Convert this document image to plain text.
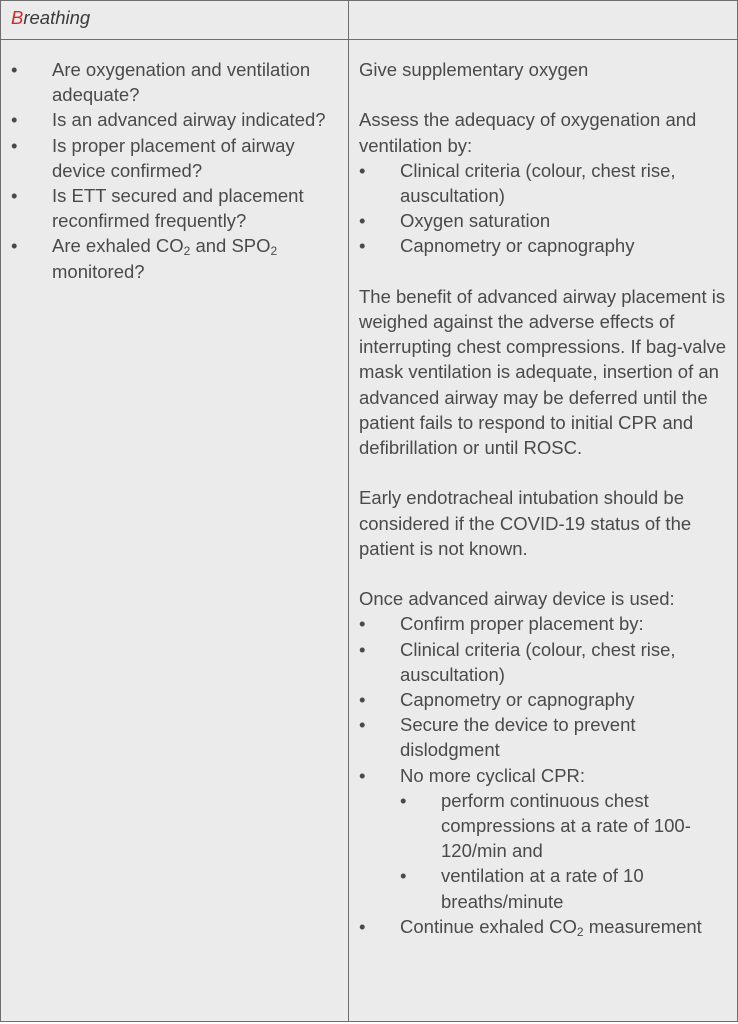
Breathing
• Are oxygenation and ventilation adequate?
• Is an advanced airway indicated?
• Is proper placement of airway device confirmed?
• Is ETT secured and placement reconfirmed frequently?
• Are exhaled $CO_2$ and $SPO_2$ monitored?

Give supplementary oxygen

Assess the adequacy of oxygenation and ventilation by:

• Clinical criteria (colour, chest rise, auscultation)
• Oxygen saturation
• Capnometry or capnography

The benefit of advanced airway placement is weighed against the adverse effects of interrupting chest compressions. If bag-valve mask ventilation is adequate, insertion of an advanced airway may be deferred until the patient fails to respond to initial CPR and defibrillation or until ROSC.

Early endotracheal intubation should be considered if the COVID-19 status of the patient is not known.

Once advanced airway device is used:

• Confirm proper placement by:
• Clinical criteria (colour, chest rise, auscultation)
• Capnometry or capnography
• Secure the device to prevent dislodgment
• No more cyclical CPR:
• perform continuous chest compressions at a rate of 100-120/min and
• ventilation at a rate of 10 breaths/minute
• Continue exhaled $CO_2$ measurement
